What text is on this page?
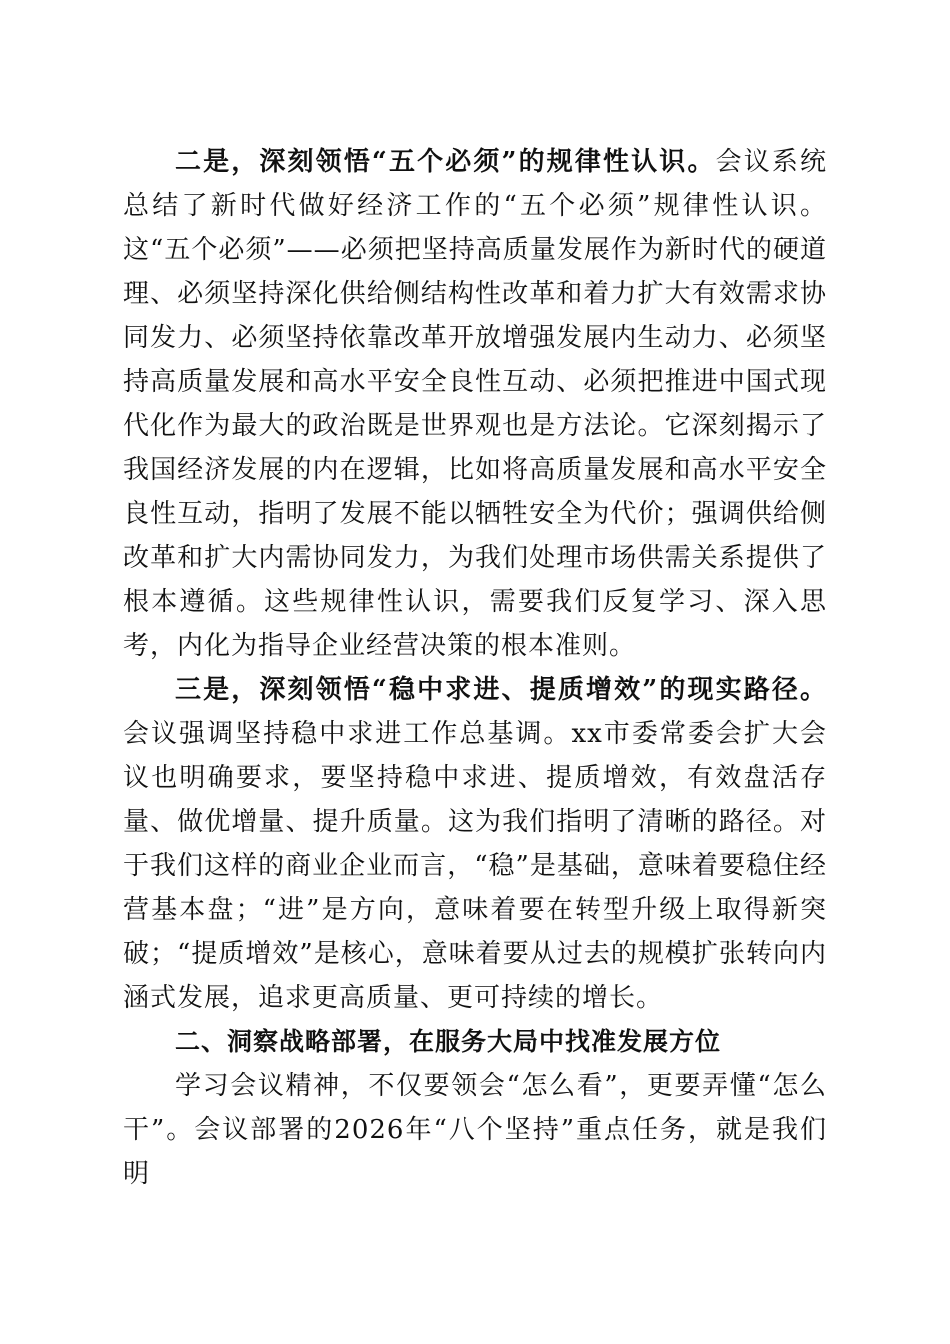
二是，深刻领悟“五个必须”的规律性认识。会议系统总结了新时代做好经济工作的“五个必须”规律性认识。这“五个必须”——必须把坚持高质量发展作为新时代的硬道理、必须坚持深化供给侧结构性改革和着力扩大有效需求协同发力、必须坚持依靠改革开放增强发展内生动力、必须坚持高质量发展和高水平安全良性互动、必须把推进中国式现代化作为最大的政治既是世界观也是方法论。它深刻揭示了我国经济发展的内在逻辑，比如将高质量发展和高水平安全良性互动，指明了发展不能以牺牲安全为代价；强调供给侧改革和扩大内需协同发力，为我们处理市场供需关系提供了根本遵循。这些规律性认识，需要我们反复学习、深入思考，内化为指导企业经营决策的根本准则。

三是，深刻领悟“稳中求进、提质增效”的现实路径。会议强调坚持稳中求进工作总基调。xx市委常委会扩大会议也明确要求，要坚持稳中求进、提质增效，有效盘活存量、做优增量、提升质量。这为我们指明了清晰的路径。对于我们这样的商业企业而言，“稳”是基础，意味着要稳住经营基本盘；“进”是方向，意味着要在转型升级上取得新突破；“提质增效”是核心，意味着要从过去的规模扩张转向内涵式发展，追求更高质量、更可持续的增长。

二、洞察战略部署，在服务大局中找准发展方位

学习会议精神，不仅要领会“怎么看”，更要弄懂“怎么干”。会议部署的2026年“八个坚持”重点任务，就是我们明
